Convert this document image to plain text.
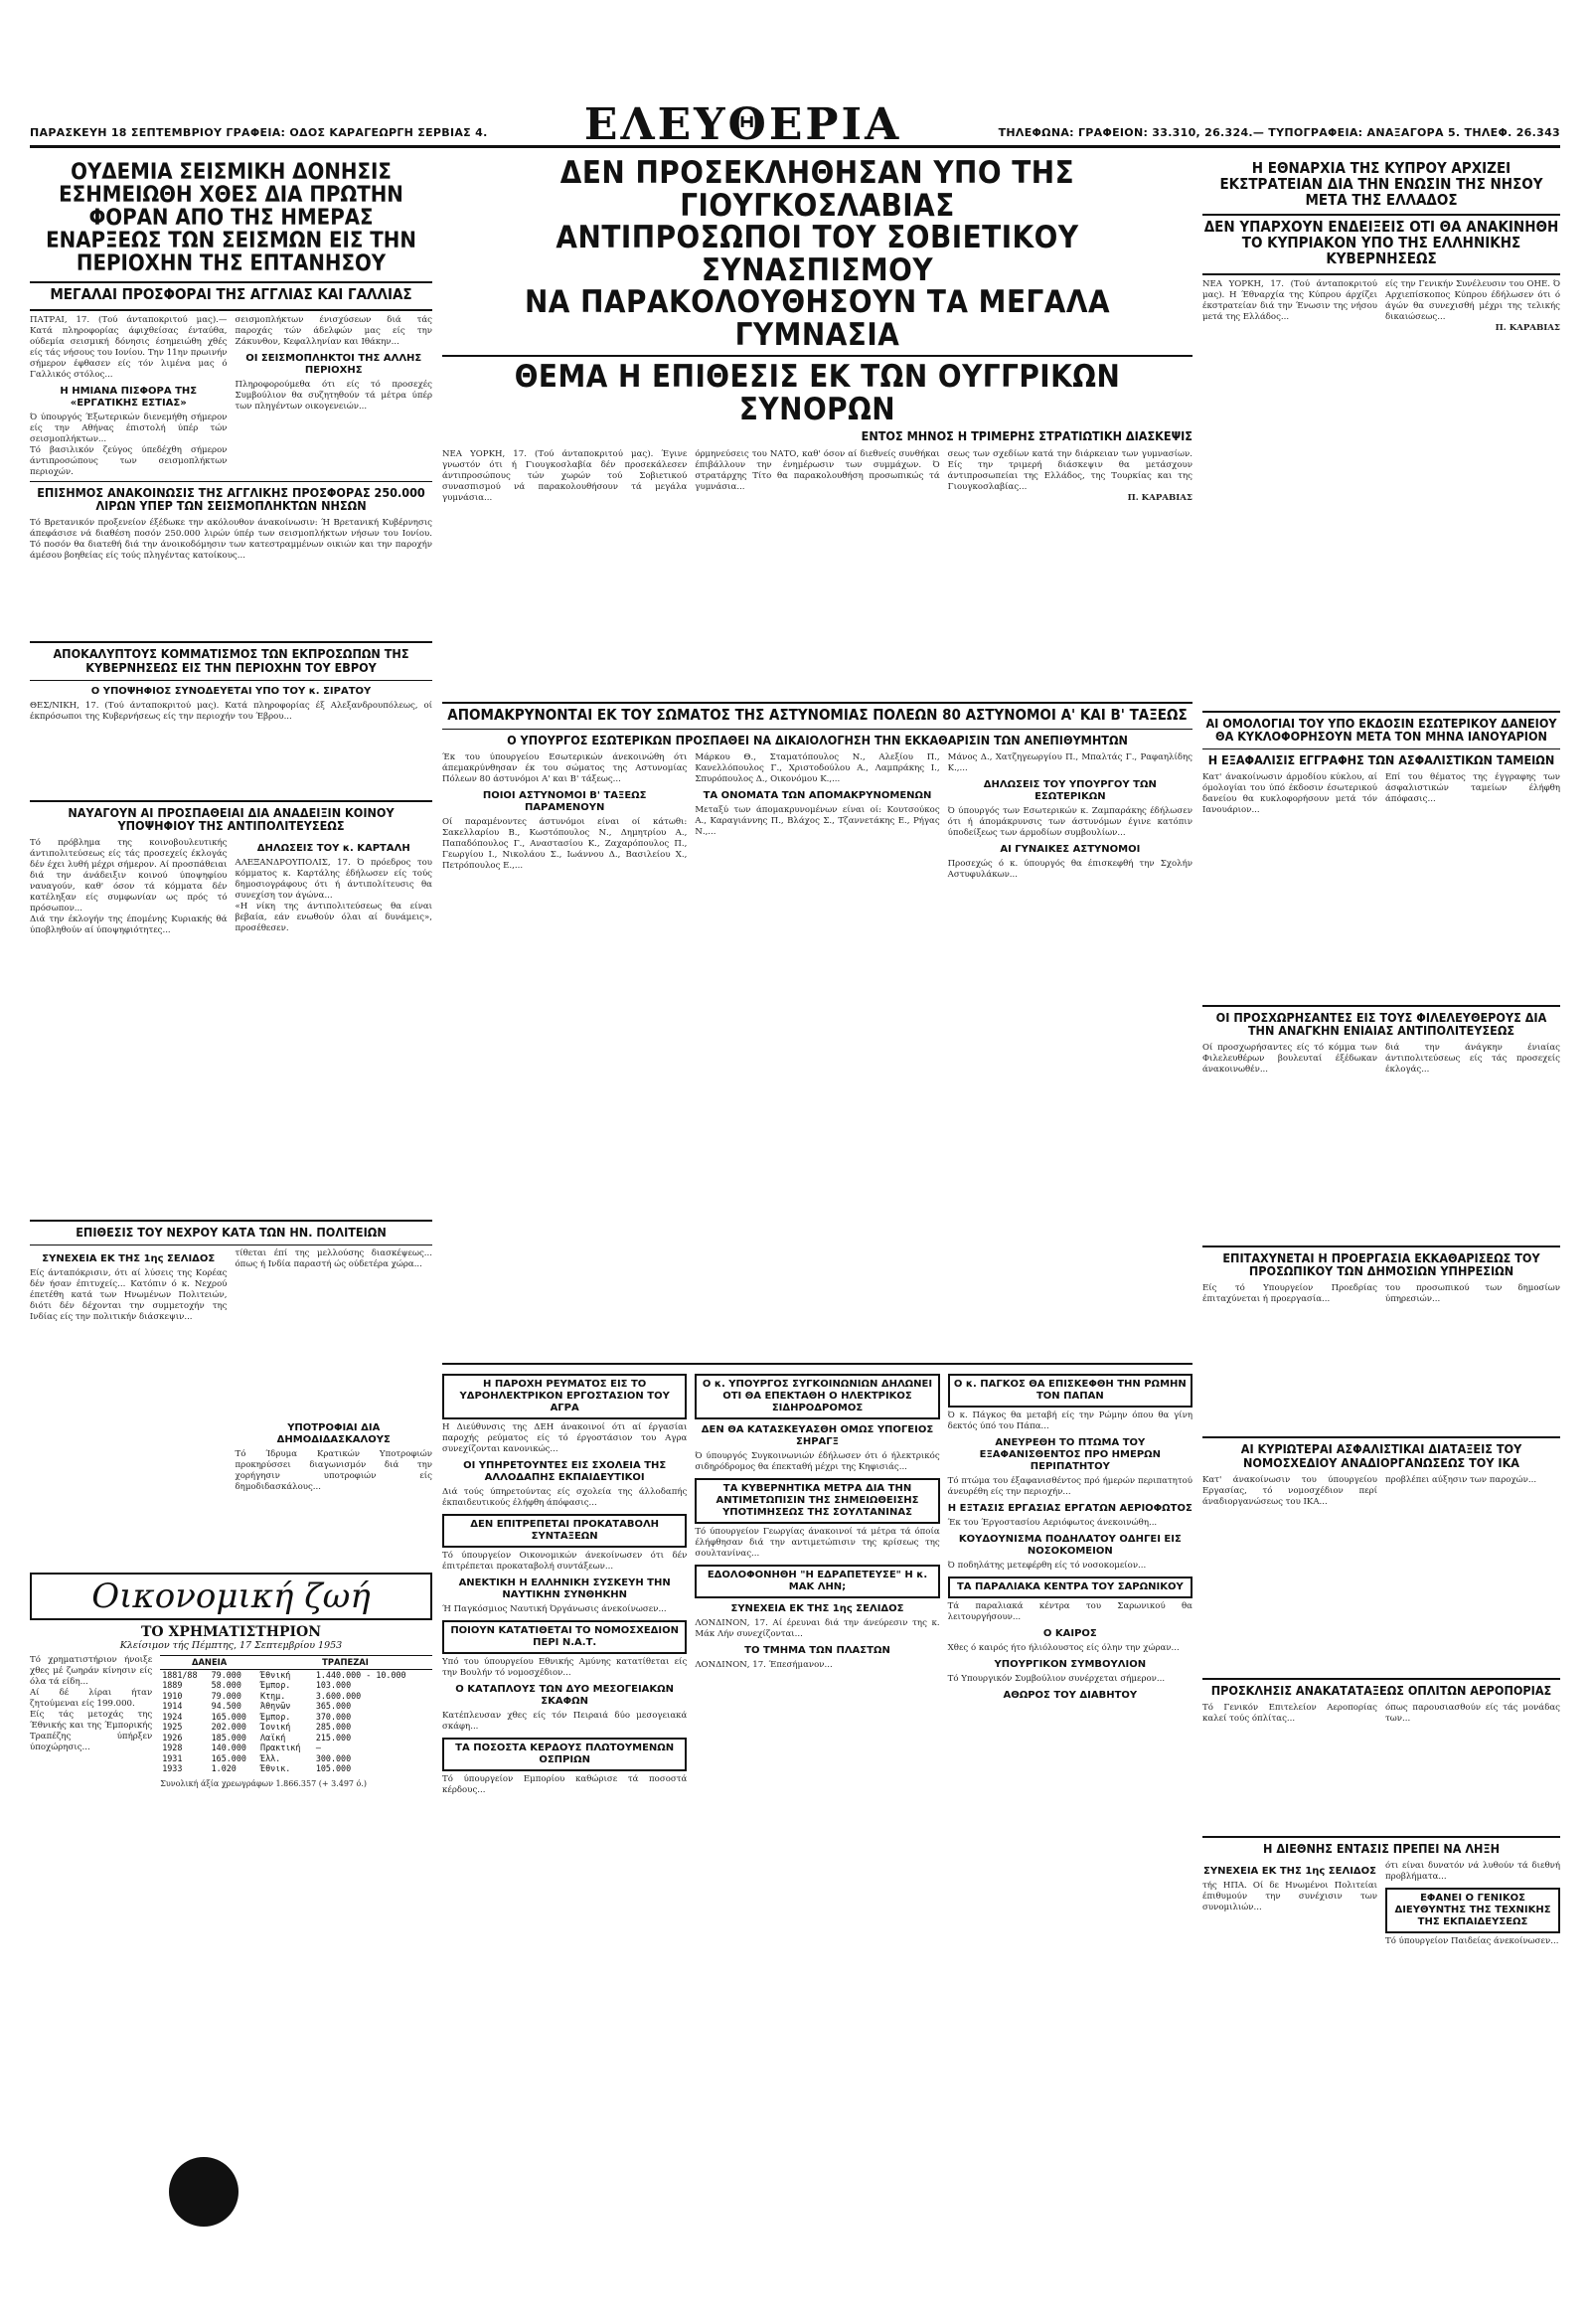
ΠΑΡΑΣΚΕΥΗ 18 ΣΕΠΤΕΜΒΡΙΟΥ ΓΡΑΦΕΙΑ: ΟΔΟΣ ΚΑΡΑΓΕΩΡΓΗ ΣΕΡΒΙΑΣ 4. ΕΛΕΥΘΕΡΙΑ	ΤΗΛΕΦΩΝΑ: ΓΡΑΦΕΙΟΝ: 33.310, 26.324.— ΤΥΠΟΓΡΑΦΕΙΑ: ΑΝΑΞΑΓΟΡΑ 5. ΤΗΛΕΦ. 26.343
ΟΥΔΕΜΙΑ ΣΕΙΣΜΙΚΗ ΔΟΝΗΣΙΣ ΕΣΗΜΕΙΩΘΗ ΧΘΕΣ ΔΙΑ ΠΡΩΤΗΝ ΦΟΡΑΝ ΑΠΟ ΤΗΣ ΗΜΕΡΑΣ ΕΝΑΡΞΕΩΣ ΤΩΝ ΣΕΙΣΜΩΝ ΕΙΣ ΤΗΝ ΠΕΡΙΟΧΗΝ ΤΗΣ ΕΠΤΑΝΗΣΟΥ
ΜΕΓΑΛΑΙ ΠΡΟΣΦΟΡΑΙ ΤΗΣ ΑΓΓΛΙΑΣ ΚΑΙ ΓΑΛΛΙΑΣ
ΠΑΤΡΑΙ, 17. (Τού άνταποκριτού μας).— Κατά πληροφορίας άφιχθείσας ένταύθα, ούδεμία σεισμική δόνησις έσημειώθη χθές είς τάς νήσους του Ιονίου. Την 11ην πρωινήν σήμερον έφθασεν είς τόν λιμένα μας ό Γαλλικός στόλος...
Η ΗΜΙΑΝΑ ΠΙΣΦΟΡΑ ΤΗΣ «ΕΡΓΑΤΙΚΗΣ ΕΣΤΙΑΣ»
Ό ύπουργός Έξωτερικών διενεμήθη σήμερον είς την Αθήνας έπιστολή ύπέρ τών σεισμοπλήκτων...
Τό βασιλικόν ζεύγος ύπεδέχθη σήμερον άντιπροσώπους των σεισμοπλήκτων περιοχών.
σεισμοπλήκτων ένισχύσεων διά τάς παροχάς τών άδελφών μας είς την Ζάκυνθον, Κεφαλληνίαν και Ιθάκην...
ΟΙ ΣΕΙΣΜΟΠΛΗΚΤΟΙ ΤΗΣ ΑΛΛΗΣ ΠΕΡΙΟΧΗΣ
Πληροφορούμεθα ότι είς τό προσεχές Συμβούλιον θα συζητηθούν τά μέτρα ύπέρ των πληγέντων οικογενειών...
ΕΠΙΣΗΜΟΣ ΑΝΑΚΟΙΝΩΣΙΣ ΤΗΣ ΑΓΓΛΙΚΗΣ ΠΡΟΣΦΟΡΑΣ 250.000 ΛΙΡΩΝ ΥΠΕΡ ΤΩΝ ΣΕΙΣΜΟΠΛΗΚΤΩΝ ΝΗΣΩΝ
Τό Βρετανικόν προξενείον έξέδωκε την ακόλουθον άνακοίνωσιν: Ή Βρετανική Κυβέρνησις άπεφάσισε νά διαθέση ποσόν 250.000 λιρών ύπέρ των σεισμοπλήκτων νήσων του Ιονίου. Τό ποσόν θα διατεθή διά την άνοικοδόμησιν των κατεστραμμένων οικιών και την παροχήν άμέσου βοηθείας είς τούς πληγέντας κατοίκους...
ΑΠΟΚΑΛΥΠΤΟΥΣ ΚΟΜΜΑΤΙΣΜΟΣ ΤΩΝ ΕΚΠΡΟΣΩΠΩΝ ΤΗΣ ΚΥΒΕΡΝΗΣΕΩΣ ΕΙΣ ΤΗΝ ΠΕΡΙΟΧΗΝ ΤΟΥ ΕΒΡΟΥ
Ο ΥΠΟΨΗΦΙΟΣ ΣΥΝΟΔΕΥΕΤΑΙ ΥΠΟ ΤΟΥ κ. ΣΙΡΑΤΟΥ
ΘΕΣ/ΝΙΚΗ, 17. (Τού άνταποκριτού μας). Κατά πληροφορίας έξ Αλεξανδρουπόλεως, οί έκπρόσωποι της Κυβερνήσεως είς την περιοχήν του Έβρου...
ΝΑΥΑΓΟΥΝ ΑΙ ΠΡΟΣΠΑΘΕΙΑΙ ΔΙΑ ΑΝΑΔΕΙΞΙΝ ΚΟΙΝΟΥ ΥΠΟΨΗΦΙΟΥ ΤΗΣ ΑΝΤΙΠΟΛΙΤΕΥΣΕΩΣ
Τό πρόβλημα της κοινοβουλευτικής άντιπολιτεύσεως είς τάς προσεχείς έκλογάς δέν έχει λυθή μέχρι σήμερον. Αί προσπάθειαι διά την άνάδειξιν κοινού ύποψηφίου ναυαγούν, καθ' όσον τά κόμματα δέν κατέληξαν είς συμφωνίαν ως πρός τό πρόσωπον...
Διά την έκλογήν της έπομένης Κυριακής θά ύποβληθούν αί ύποψηφιότητες...
ΔΗΛΩΣΕΙΣ ΤΟΥ κ. ΚΑΡΤΑΛΗ
ΑΛΕΞΑΝΔΡΟΥΠΟΛΙΣ, 17. Ό πρόεδρος του κόμματος κ. Καρτάλης έδήλωσεν είς τούς δημοσιογράφους ότι ή άντιπολίτευσις θα συνεχίση τον άγώνα...
«Η νίκη της άντιπολιτεύσεως θα είναι βεβαία, εάν ενωθούν όλαι αί δυνάμεις», προσέθεσεν.
ΕΠΙΘΕΣΙΣ ΤΟΥ ΝΕΧΡΟΥ ΚΑΤΑ ΤΩΝ ΗΝ. ΠΟΛΙΤΕΙΩΝ
ΣΥΝΕΧΕΙΑ ΕΚ ΤΗΣ 1ης ΣΕΛΙΔΟΣ
Είς άνταπόκρισιν, ότι αί λύσεις της Κορέας δέν ήσαν έπιτυχείς... Κατόπιν ό κ. Νεχρού έπετέθη κατά των Ηνωμένων Πολιτειών, διότι δέν δέχονται την συμμετοχήν της Ινδίας είς την πολιτικήν διάσκεψιν...
τίθεται έπί της μελλούσης διασκέψεως... όπως ή Ινδία παραστή ώς ούδετέρα χώρα...
ΥΠΟΤΡΟΦΙΑΙ ΔΙΑ ΔΗΜΟΔΙΔΑΣΚΑΛΟΥΣ
Τό Ίδρυμα Κρατικών Υποτροφιών προκηρύσσει διαγωνισμόν διά την χορήγησιν υποτροφιών είς δημοδιδασκάλους...
Οικονομική ζωή
ΤΟ ΧΡΗΜΑΤΙΣΤΗΡΙΟΝ
Κλείσιμον τής Πέμπτης, 17 Σεπτεμβρίου 1953
Τό χρηματιστήριον ήνοιξε χθες μέ ζωηράν κίνησιν είς όλα τά είδη...
Αί δέ λίραι ήταν ζητούμεναι είς 199.000.
Είς τάς μετοχάς της Έθνικής και της Έμπορικής Τραπέζης ύπήρξεν ύποχώρησις...
ΔΑΝΕΙΑ		ΤΡΑΠΕΖΑΙ	
1881/88	79.000	Έθνική	1.440.000 - 10.000
1889	58.000	Έμπορ.	103.000
1910	79.000	Κτημ.	3.600.000
1914	94.500	Άθηνῶν	365.000
1924	165.000	Έμπορ.	370.000
1925	202.000	Ίονική	285.000
1926	185.000	Λαϊκή	215.000
1928	140.000	Πρακτική	—
1931	165.000	Έλλ.	300.000
1933	1.020	Έθνικ.	105.000
Συνολική άξία χρεωγράφων 1.866.357 (+ 3.497 ό.)
ΔΕΝ ΠΡΟΣΕΚΛΗΘΗΣΑΝ ΥΠΟ ΤΗΣ ΓΙΟΥΓΚΟΣΛΑΒΙΑΣ
ΑΝΤΙΠΡΟΣΩΠΟΙ ΤΟΥ ΣΟΒΙΕΤΙΚΟΥ ΣΥΝΑΣΠΙΣΜΟΥ
ΝΑ ΠΑΡΑΚΟΛΟΥΘΗΣΟΥΝ ΤΑ ΜΕΓΑΛΑ ΓΥΜΝΑΣΙΑ
ΘΕΜΑ Η ΕΠΙΘΕΣΙΣ ΕΚ ΤΩΝ ΟΥΓΓΡΙΚΩΝ ΣΥΝΟΡΩΝ
ΕΝΤΟΣ ΜΗΝΟΣ Η ΤΡΙΜΕΡΗΣ ΣΤΡΑΤΙΩΤΙΚΗ ΔΙΑΣΚΕΨΙΣ
ΝΕΑ ΥΟΡΚΗ, 17. (Τού άνταποκριτού μας). Έγινε γνωστόν ότι ή Γιουγκοσλαβία δέν προσεκάλεσεν άντιπροσώπους τών χωρών τού Σοβιετικού συνασπισμού νά παρακολουθήσουν τά μεγάλα γυμνάσια...
όρμηνεύσεις του ΝΑΤΟ, καθ' όσον αί διεθνείς συνθήκαι έπιβάλλουν την ένημέρωσιν των συμμάχων. Ό στρατάρχης Τίτο θα παρακολουθήση προσωπικώς τά γυμνάσια...
σεως των σχεδίων κατά την διάρκειαν των γυμνασίων. Είς την τριμερή διάσκεψιν θα μετάσχουν άντιπροσωπείαι της Ελλάδος, της Τουρκίας και της Γιουγκοσλαβίας...

Π. ΚΑΡΑΒΙΑΣ
ΑΠΟΜΑΚΡΥΝΟΝΤΑΙ ΕΚ ΤΟΥ ΣΩΜΑΤΟΣ ΤΗΣ ΑΣΤΥΝΟΜΙΑΣ ΠΟΛΕΩΝ 80 ΑΣΤΥΝΟΜΟΙ Α' ΚΑΙ Β' ΤΑΞΕΩΣ
Ο ΥΠΟΥΡΓΟΣ ΕΣΩΤΕΡΙΚΩΝ ΠΡΟΣΠΑΘΕΙ ΝΑ ΔΙΚΑΙΟΛΟΓΗΣΗ ΤΗΝ ΕΚΚΑΘΑΡΙΣΙΝ ΤΩΝ ΑΝΕΠΙΘΥΜΗΤΩΝ
Έκ του ύπουργείου Εσωτερικών άνεκοινώθη ότι άπεμακρύνθησαν έκ του σώματος της Αστυνομίας Πόλεων 80 άστυνόμοι Α' και Β' τάξεως...
ΠΟΙΟΙ ΑΣΤΥΝΟΜΟΙ Β' ΤΑΞΕΩΣ ΠΑΡΑΜΕΝΟΥΝ
Οί παραμένοντες άστυνόμοι είναι οί κάτωθι: Σακελλαρίου Β., Κωστόπουλος Ν., Δημητρίου Α., Παπαδόπουλος Γ., Αναστασίου Κ., Ζαχαρόπουλος Π., Γεωργίου Ι., Νικολάου Σ., Ιωάννου Δ., Βασιλείου Χ., Πετρόπουλος Ε.,...
Μάρκου Θ., Σταματόπουλος Ν., Αλεξίου Π., Κανελλόπουλος Γ., Χριστοδούλου Α., Λαμπράκης Ι., Σπυρόπουλος Δ., Οικονόμου Κ.,...
ΤΑ ΟΝΟΜΑΤΑ ΤΩΝ ΑΠΟΜΑΚΡΥΝΟΜΕΝΩΝ
Μεταξύ των άπομακρυνομένων είναι οί: Κουτσούκος Α., Καραγιάννης Π., Βλάχος Σ., Τζαννετάκης Ε., Ρήγας Ν.,...
Μάνος Δ., Χατζηγεωργίου Π., Μπαλτάς Γ., Ραφαηλίδης Κ.,...
ΔΗΛΩΣΕΙΣ ΤΟΥ ΥΠΟΥΡΓΟΥ ΤΩΝ ΕΣΩΤΕΡΙΚΩΝ
Ό ύπουργός των Εσωτερικών κ. Ζαμπαράκης έδήλωσεν ότι ή άπομάκρυνσις των άστυνόμων έγινε κατόπιν ύποδείξεως των άρμοδίων συμβουλίων...
ΑΙ ΓΥΝΑΙΚΕΣ ΑΣΤΥΝΟΜΟΙ
Προσεχώς ό κ. ύπουργός θα έπισκεφθή την Σχολήν Αστυφυλάκων...
Η ΠΑΡΟΧΗ ΡΕΥΜΑΤΟΣ ΕΙΣ ΤΟ ΥΔΡΟΗΛΕΚΤΡΙΚΟΝ ΕΡΓΟΣΤΑΣΙΟΝ ΤΟΥ ΑΓΡΑ
Η Διεύθυνσις της ΔΕΗ άνακοινοί ότι αί έργασίαι παροχής ρεύματος είς τό έργοστάσιον του Αγρα συνεχίζονται κανονικώς...
ΟΙ ΥΠΗΡΕΤΟΥΝΤΕΣ ΕΙΣ ΣΧΟΛΕΙΑ ΤΗΣ ΑΛΛΟΔΑΠΗΣ ΕΚΠΑΙΔΕΥΤΙΚΟΙ
Διά τούς ύπηρετούντας είς σχολεία της άλλοδαπής έκπαιδευτικούς έλήφθη άπόφασις...
ΔΕΝ ΕΠΙΤΡΕΠΕΤΑΙ ΠΡΟΚΑΤΑΒΟΛΗ ΣΥΝΤΑΞΕΩΝ
Τό ύπουργείον Οικονομικών άνεκοίνωσεν ότι δέν έπιτρέπεται προκαταβολή συντάξεων...
ΑΝΕΚΤΙΚΗ Η ΕΛΛΗΝΙΚΗ ΣΥΣΚΕΥΗ ΤΗΝ ΝΑΥΤΙΚΗΝ ΣΥΝΘΗΚΗΝ
Ή Παγκόσμιος Ναυτική Όργάνωσις άνεκοίνωσεν...
ΠΟΙΟΥΝ ΚΑΤΑΤΙΘΕΤΑΙ ΤΟ ΝΟΜΟΣΧΕΔΙΟΝ ΠΕΡΙ Ν.Α.Τ.
Υπό του ύπουργείου Εθνικής Αμύνης κατατίθεται είς την Βουλήν τό νομοσχέδιον...
Ο ΚΑΤΑΠΛΟΥΣ ΤΩΝ ΔΥΟ ΜΕΣΟΓΕΙΑΚΩΝ ΣΚΑΦΩΝ
Κατέπλευσαν χθες είς τόν Πειραιά δύο μεσογειακά σκάφη...
ΤΑ ΠΟΣΟΣΤΑ ΚΕΡΔΟΥΣ ΠΛΩΤΟΥΜΕΝΩΝ ΟΣΠΡΙΩΝ
Τό ύπουργείον Εμπορίου καθώρισε τά ποσοστά κέρδους...
Ο κ. ΥΠΟΥΡΓΟΣ ΣΥΓΚΟΙΝΩΝΙΩΝ ΔΗΛΩΝΕΙ ΟΤΙ ΘΑ ΕΠΕΚΤΑΘΗ Ο ΗΛΕΚΤΡΙΚΟΣ ΣΙΔΗΡΟΔΡΟΜΟΣ
ΔΕΝ ΘΑ ΚΑΤΑΣΚΕΥΑΣΘΗ ΟΜΩΣ ΥΠΟΓΕΙΟΣ ΣΗΡΑΓΞ
Ό ύπουργός Συγκοινωνιών έδήλωσεν ότι ό ήλεκτρικός σιδηρόδρομος θα έπεκταθή μέχρι της Κηφισιάς...
ΤΑ ΚΥΒΕΡΝΗΤΙΚΑ ΜΕΤΡΑ ΔΙΑ ΤΗΝ ΑΝΤΙΜΕΤΩΠΙΣΙΝ ΤΗΣ ΣΗΜΕΙΩΘΕΙΣΗΣ ΥΠΟΤΙΜΗΣΕΩΣ ΤΗΣ ΣΟΥΛΤΑΝΙΝΑΣ
Τό ύπουργείον Γεωργίας άνακοινοί τά μέτρα τά όποία έλήφθησαν διά την αντιμετώπισιν της κρίσεως της σουλτανίνας...
ΕΔΟΛΟΦΟΝΗΘΗ "Η ΕΔΡΑΠΕΤΕΥΣΕ" Η κ. ΜΑΚ ΛΗΝ;
ΣΥΝΕΧΕΙΑ ΕΚ ΤΗΣ 1ης ΣΕΛΙΔΟΣ
ΛΟΝΔΙΝΟΝ, 17. Αί έρευναι διά την άνεύρεσιν της κ. Μάκ Λήν συνεχίζονται...
ΤΟ ΤΜΗΜΑ ΤΩΝ ΠΛΑΣΤΩΝ
ΛΟΝΔΙΝΟΝ, 17. Έπεσήμανον...
Ο κ. ΠΑΓΚΟΣ ΘΑ ΕΠΙΣΚΕΦΘΗ ΤΗΝ ΡΩΜΗΝ ΤΟΝ ΠΑΠΑΝ
Ό κ. Πάγκος θα μεταβή είς την Ρώμην όπου θα γίνη δεκτός ύπό του Πάπα...
ΑΝΕΥΡΕΘΗ ΤΟ ΠΤΩΜΑ ΤΟΥ ΕΞΑΦΑΝΙΣΘΕΝΤΟΣ ΠΡΟ ΗΜΕΡΩΝ ΠΕΡΙΠΑΤΗΤΟΥ
Τό πτώμα του έξαφανισθέντος πρό ήμερών περιπατητού άνευρέθη είς την περιοχήν...
Η ΕΞΤΑΣΙΣ ΕΡΓΑΣΙΑΣ ΕΡΓΑΤΩΝ ΑΕΡΙΟΦΩΤΟΣ
Έκ του Έργοστασίου Αεριόφωτος άνεκοινώθη...
ΚΟΥΔΟΥΝΙΣΜΑ ΠΟΔΗΛΑΤΟΥ ΟΔΗΓΕΙ ΕΙΣ ΝΟΣΟΚΟΜΕΙΟΝ
Ό ποδηλάτης μετεφέρθη είς τό νοσοκομείον...
ΤΑ ΠΑΡΑΛΙΑΚΑ ΚΕΝΤΡΑ ΤΟΥ ΣΑΡΩΝΙΚΟΥ
Τά παραλιακά κέντρα του Σαρωνικού θα λειτουργήσουν...
Ο ΚΑΙΡΟΣ
Χθες ό καιρός ήτο ήλιόλουστος είς όλην την χώραν...
ΥΠΟΥΡΓΙΚΟΝ ΣΥΜΒΟΥΛΙΟΝ
Τό Υπουργικόν Συμβούλιον συνέρχεται σήμερον...
ΑΘΩΡΟΣ ΤΟΥ ΔΙΑΒΗΤΟΥ
Η ΕΘΝΑΡΧΙΑ ΤΗΣ ΚΥΠΡΟΥ ΑΡΧΙΖΕΙ ΕΚΣΤΡΑΤΕΙΑΝ ΔΙΑ ΤΗΝ ΕΝΩΣΙΝ ΤΗΣ ΝΗΣΟΥ ΜΕΤΑ ΤΗΣ ΕΛΛΑΔΟΣ
ΔΕΝ ΥΠΑΡΧΟΥΝ ΕΝΔΕΙΞΕΙΣ ΟΤΙ ΘΑ ΑΝΑΚΙΝΗΘΗ ΤΟ ΚΥΠΡΙΑΚΟΝ ΥΠΟ ΤΗΣ ΕΛΛΗΝΙΚΗΣ ΚΥΒΕΡΝΗΣΕΩΣ
ΝΕΑ ΥΟΡΚΗ, 17. (Τού άνταποκριτού μας). Η Έθναρχία της Κύπρου άρχίζει έκστρατείαν διά την Ένωσιν της νήσου μετά της Ελλάδος...
είς την Γενικήν Συνέλευσιν του ΟΗΕ. Ό Αρχιεπίσκοπος Κύπρου έδήλωσεν ότι ό άγών θα συνεχισθή μέχρι της τελικής δικαιώσεως...

Π. ΚΑΡΑΒΙΑΣ
ΑΙ ΟΜΟΛΟΓΙΑΙ ΤΟΥ ΥΠΟ ΕΚΔΟΣΙΝ ΕΣΩΤΕΡΙΚΟΥ ΔΑΝΕΙΟΥ ΘΑ ΚΥΚΛΟΦΟΡΗΣΟΥΝ ΜΕΤΑ ΤΟΝ ΜΗΝΑ ΙΑΝΟΥΑΡΙΟΝ
Η ΕΞΑΦΑΛΙΣΙΣ ΕΓΓΡΑΦΗΣ ΤΩΝ ΑΣΦΑΛΙΣΤΙΚΩΝ ΤΑΜΕΙΩΝ
Κατ' άνακοίνωσιν άρμοδίου κύκλου, αί όμολογίαι του ύπό έκδοσιν έσωτερικού δανείου θα κυκλοφορήσουν μετά τόν Ιανουάριον...
Επί του θέματος της έγγραφης των άσφαλιστικών ταμείων έλήφθη άπόφασις...
ΟΙ ΠΡΟΣΧΩΡΗΣΑΝΤΕΣ ΕΙΣ ΤΟΥΣ ΦΙΛΕΛΕΥΘΕΡΟΥΣ ΔΙΑ ΤΗΝ ΑΝΑΓΚΗΝ ΕΝΙΑΙΑΣ ΑΝΤΙΠΟΛΙΤΕΥΣΕΩΣ
Οί προσχωρήσαντες είς τό κόμμα των Φιλελευθέρων βουλευταί έξέδωκαν άνακοινωθέν...
διά την άνάγκην ένιαίας άντιπολιτεύσεως είς τάς προσεχείς έκλογάς...
ΕΠΙΤΑΧΥΝΕΤΑΙ Η ΠΡΟΕΡΓΑΣΙΑ ΕΚΚΑΘΑΡΙΣΕΩΣ ΤΟΥ ΠΡΟΣΩΠΙΚΟΥ ΤΩΝ ΔΗΜΟΣΙΩΝ ΥΠΗΡΕΣΙΩΝ
Είς τό Υπουργείον Προεδρίας έπιταχύνεται ή προεργασία...
του προσωπικού των δημοσίων ύπηρεσιών...
ΑΙ ΚΥΡΙΩΤΕΡΑΙ ΑΣΦΑΛΙΣΤΙΚΑΙ ΔΙΑΤΑΞΕΙΣ ΤΟΥ ΝΟΜΟΣΧΕΔΙΟΥ ΑΝΑΔΙΟΡΓΑΝΩΣΕΩΣ ΤΟΥ ΙΚΑ
Κατ' άνακοίνωσιν του ύπουργείου Εργασίας, τό νομοσχέδιον περί άναδιοργανώσεως του ΙΚΑ...
προβλέπει αύξησιν των παροχών...
ΠΡΟΣΚΛΗΣΙΣ ΑΝΑΚΑΤΑΤΑΞΕΩΣ ΟΠΛΙΤΩΝ ΑΕΡΟΠΟΡΙΑΣ
Τό Γενικόν Επιτελείον Αεροπορίας καλεί τούς όπλίτας...
όπως παρουσιασθούν είς τάς μονάδας των...
Η ΔΙΕΘΝΗΣ ΕΝΤΑΣΙΣ ΠΡΕΠΕΙ ΝΑ ΛΗΞΗ
ΣΥΝΕΧΕΙΑ ΕΚ ΤΗΣ 1ης ΣΕΛΙΔΟΣ
τής ΗΠΑ. Οί δε Ηνωμένοι Πολιτείαι έπιθυμούν την συνέχισιν των συνομιλιών...
ότι είναι δυνατόν νά λυθούν τά διεθνή προβλήματα...
ΕΦΑΝΕΙ Ο ΓΕΝΙΚΟΣ ΔΙΕΥΘΥΝΤΗΣ ΤΗΣ ΤΕΧΝΙΚΗΣ ΤΗΣ ΕΚΠΑΙΔΕΥΣΕΩΣ
Τό ύπουργείον Παιδείας άνεκοίνωσεν...
